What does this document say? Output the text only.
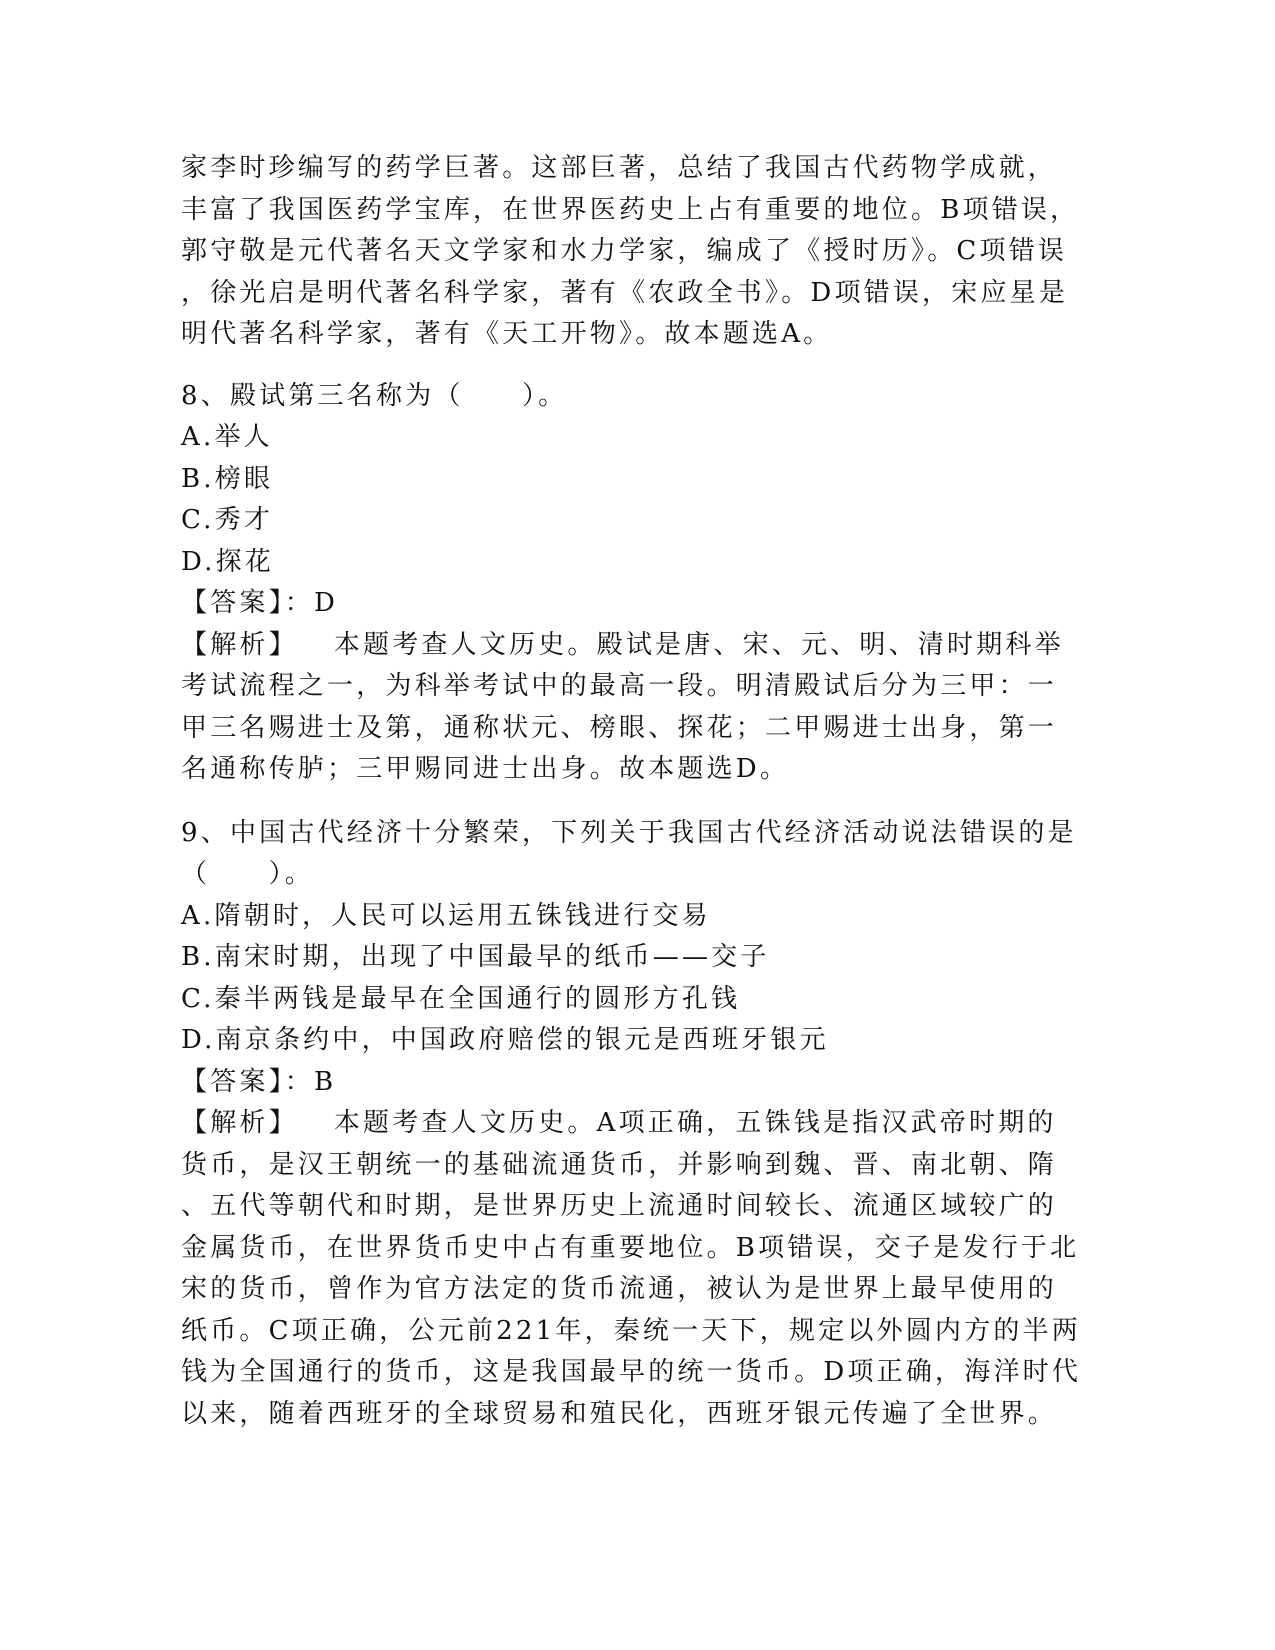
家李时珍编写的药学巨著。这部巨著，总结了我国古代药物学成就，

丰富了我国医药学宝库，在世界医药史上占有重要的地位。B项错误，

郭守敬是元代著名天文学家和水力学家，编成了《授时历》。C项错误

，徐光启是明代著名科学家，著有《农政全书》。D项错误，宋应星是

明代著名科学家，著有《天工开物》。故本题选A。

8、殿试第三名称为（　　）。

A.举人

B.榜眼

C.秀才

D.探花

【答案】：D

【解析】 本题考查人文历史。殿试是唐、宋、元、明、清时期科举

考试流程之一，为科举考试中的最高一段。明清殿试后分为三甲：一

甲三名赐进士及第，通称状元、榜眼、探花；二甲赐进士出身，第一

名通称传胪；三甲赐同进士出身。故本题选D。

9、中国古代经济十分繁荣，下列关于我国古代经济活动说法错误的是

（　　）。

A.隋朝时，人民可以运用五铢钱进行交易

B.南宋时期，出现了中国最早的纸币——交子

C.秦半两钱是最早在全国通行的圆形方孔钱

D.南京条约中，中国政府赔偿的银元是西班牙银元

【答案】：B

【解析】 本题考查人文历史。A项正确，五铢钱是指汉武帝时期的

货币，是汉王朝统一的基础流通货币，并影响到魏、晋、南北朝、隋

、五代等朝代和时期，是世界历史上流通时间较长、流通区域较广的

金属货币，在世界货币史中占有重要地位。B项错误，交子是发行于北

宋的货币，曾作为官方法定的货币流通，被认为是世界上最早使用的

纸币。C项正确，公元前221年，秦统一天下，规定以外圆内方的半两

钱为全国通行的货币，这是我国最早的统一货币。D项正确，海洋时代

以来，随着西班牙的全球贸易和殖民化，西班牙银元传遍了全世界。
